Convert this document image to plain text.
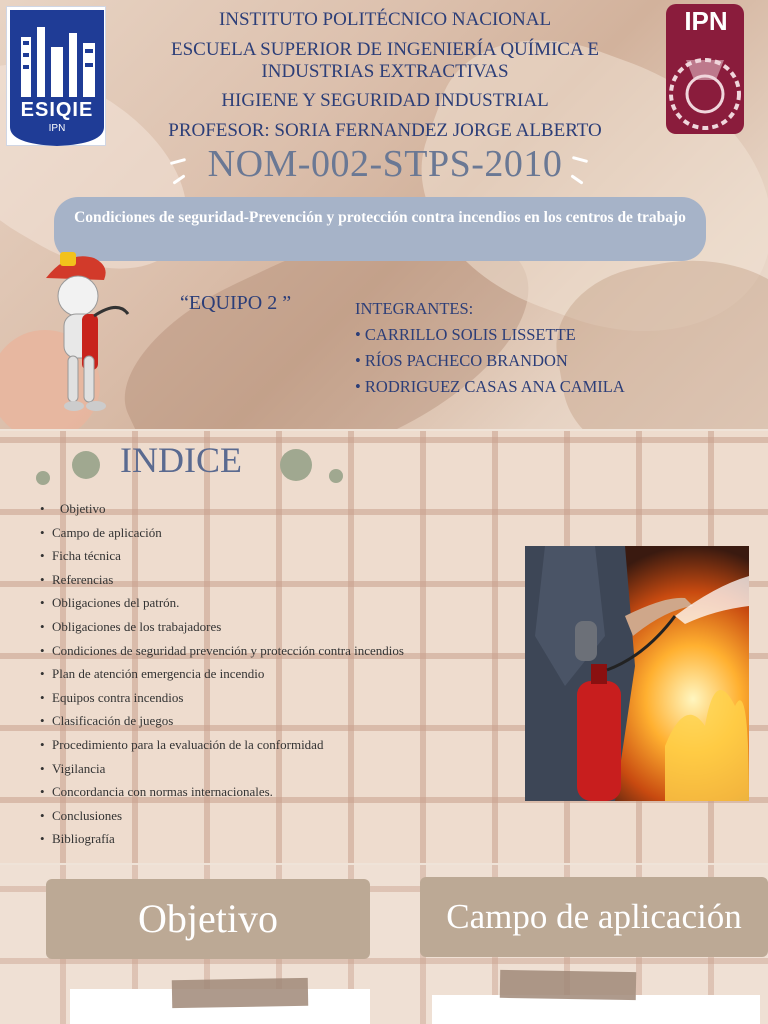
ESIQIE
IPN
IPN
INSTITUTO POLITÉCNICO NACIONAL
ESCUELA SUPERIOR DE INGENIERÍA QUÍMICA E INDUSTRIAS EXTRACTIVAS
HIGIENE Y SEGURIDAD INDUSTRIAL
PROFESOR: SORIA FERNANDEZ JORGE ALBERTO
NOM-002-STPS-2010
Condiciones de seguridad-Prevención y protección contra incendios en los centros de trabajo
“EQUIPO 2 ”	INTEGRANTES:
• CARRILLO SOLIS LISSETTE
• RÍOS PACHECO BRANDON
• RODRIGUEZ CASAS ANA CAMILA
INDICE
• Objetivo
• Campo de aplicación
• Ficha técnica
• Referencias
• Obligaciones del patrón.
• Obligaciones de los trabajadores
• Condiciones de seguridad prevención y protección contra incendios
• Plan de atención emergencia de incendio
• Equipos contra incendios
• Clasificación de juegos
• Procedimiento para la evaluación de la conformidad
• Vigilancia
• Concordancia con normas internacionales.
• Conclusiones
• Bibliografía
Objetivo	Campo de aplicación
